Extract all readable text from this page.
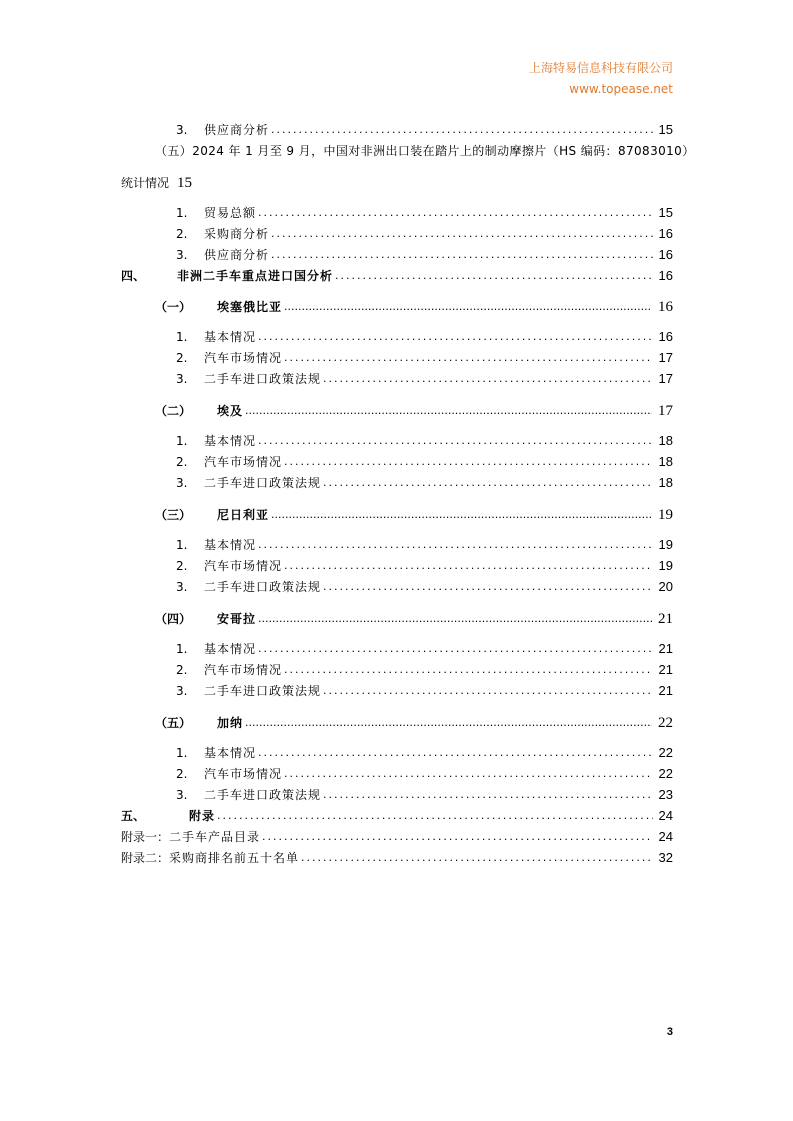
上海特易信息科技有限公司
www.topease.net
3.	供应商分析 .....	15
（五）2024 年 1 月至 9 月，中国对非洲出口装在踏片上的制动摩擦片（HS 编码：87083010）
统计情况 15
1.	贸易总额 .....	15
2.	采购商分析 .....	16
3.	供应商分析 .....	16
四、	非洲二手车重点进口国分析 .....	16
（一）	埃塞俄比亚 .....	16
1.	基本情况 .....	16
2.	汽车市场情况 .....	17
3.	二手车进口政策法规 .....	17
（二）	埃及 .....	17
1.	基本情况 .....	18
2.	汽车市场情况 .....	18
3.	二手车进口政策法规 .....	18
（三）	尼日利亚 .....	19
1.	基本情况 .....	19
2.	汽车市场情况 .....	19
3.	二手车进口政策法规 .....	20
（四）	安哥拉 .....	21
1.	基本情况 .....	21
2.	汽车市场情况 .....	21
3.	二手车进口政策法规 .....	21
（五）	加纳 .....	22
1.	基本情况 .....	22
2.	汽车市场情况 .....	22
3.	二手车进口政策法规 .....	23
五、	附录 .....	24
附录一： 二手车产品目录 .....	24
附录二： 采购商排名前五十名单 .....	32
3
